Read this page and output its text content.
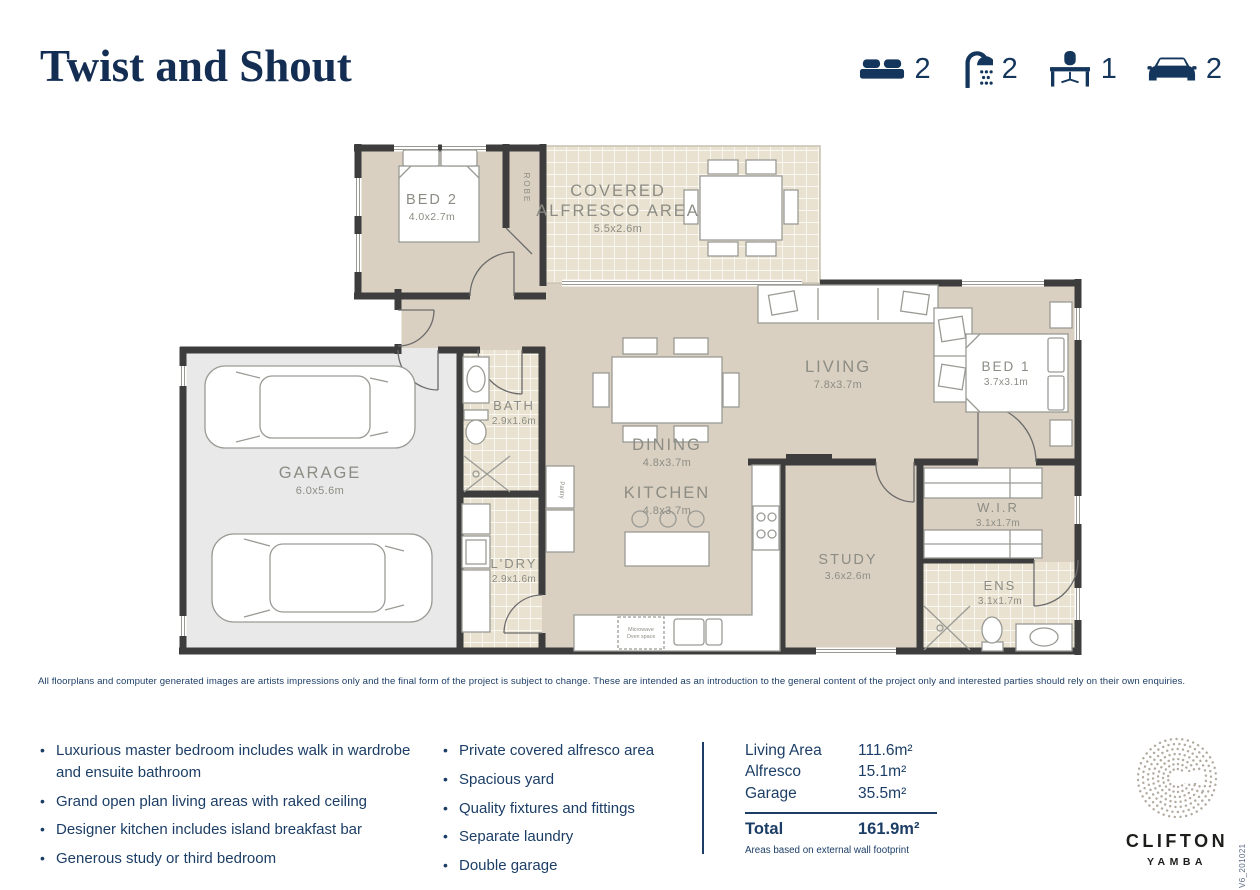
Twist and Shout	2 2	1	2
BED 2
4.0x2.7m
ROBE COVERED
ALFRESCO AREA
5.5x2.6m
GARAGE
6.0x5.6m
BATH
2.9x1.6m
L'DRY
2.9x1.6m
Pantry
DINING
4.8x3.7m
KITCHEN
4.8x3.7m
LIVING
7.8x3.7m
STUDY
3.6x2.6m
BED 1
3.7x3.1m
W.I.R
3.1x1.7m
ENS
3.1x1.7m
Microwave
Oven space
All floorplans and computer generated images are artists impressions only and the final form of the project is subject to change. These are intended as an introduction to the general content of the project only and interested parties should rely on their own enquiries.
• Luxurious master bedroom includes walk in wardrobe and ensuite bathroom
• Grand open plan living areas with raked ceiling
• Designer kitchen includes island breakfast bar
• Generous study or third bedroom
• Private covered alfresco area
• Spacious yard
• Quality fixtures and fittings
• Separate laundry
• Double garage
Living Area	111.6m²
Alfresco	15.1m²
Garage	35.5m²
Total	161.9m²
Areas based on external wall footprint	CLIFTON
YAMBA	V6_201021
